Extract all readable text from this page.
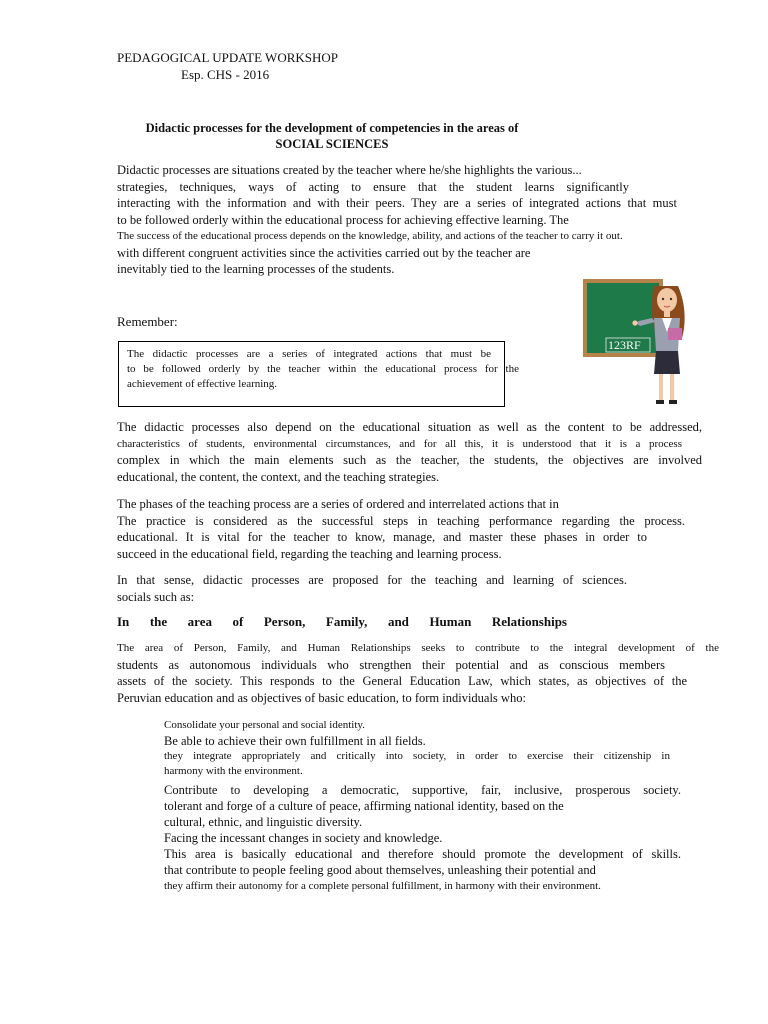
PEDAGOGICAL UPDATE WORKSHOP

Esp. CHS - 2016

Didactic processes for the development of competencies in the areas of

SOCIAL SCIENCES

Didactic processes are situations created by the teacher where he/she highlights the various...
strategies, techniques, ways of acting to ensure that the student learns significantly
interacting with the information and with their peers. They are a series of integrated actions that must
to be followed orderly within the educational process for achieving effective learning. The
The success of the educational process depends on the knowledge, ability, and actions of the teacher to carry it out.
with different congruent activities since the activities carried out by the teacher are
inevitably tied to the learning processes of the students.

Remember:

The didactic processes are a series of integrated actions that must be
to be followed orderly by the teacher within the educational process for the
achievement of effective learning.
123RF
The didactic processes also depend on the educational situation as well as the content to be addressed,
characteristics of students, environmental circumstances, and for all this, it is understood that it is a process
complex in which the main elements such as the teacher, the students, the objectives are involved
educational, the content, the context, and the teaching strategies.
The phases of the teaching process are a series of ordered and interrelated actions that in
The practice is considered as the successful steps in teaching performance regarding the process.
educational. It is vital for the teacher to know, manage, and master these phases in order to
succeed in the educational field, regarding the teaching and learning process.
In that sense, didactic processes are proposed for the teaching and learning of sciences.
socials such as:
In the area of Person, Family, and Human Relationships
The area of Person, Family, and Human Relationships seeks to contribute to the integral development of the
students as autonomous individuals who strengthen their potential and as conscious members
assets of the society. This responds to the General Education Law, which states, as objectives of the
Peruvian education and as objectives of basic education, to form individuals who:
Consolidate your personal and social identity.
Be able to achieve their own fulfillment in all fields.
they integrate appropriately and critically into society, in order to exercise their citizenship in
harmony with the environment.
Contribute to developing a democratic, supportive, fair, inclusive, prosperous society.
tolerant and forge of a culture of peace, affirming national identity, based on the
cultural, ethnic, and linguistic diversity.
Facing the incessant changes in society and knowledge.
This area is basically educational and therefore should promote the development of skills.
that contribute to people feeling good about themselves, unleashing their potential and
they affirm their autonomy for a complete personal fulfillment, in harmony with their environment.
